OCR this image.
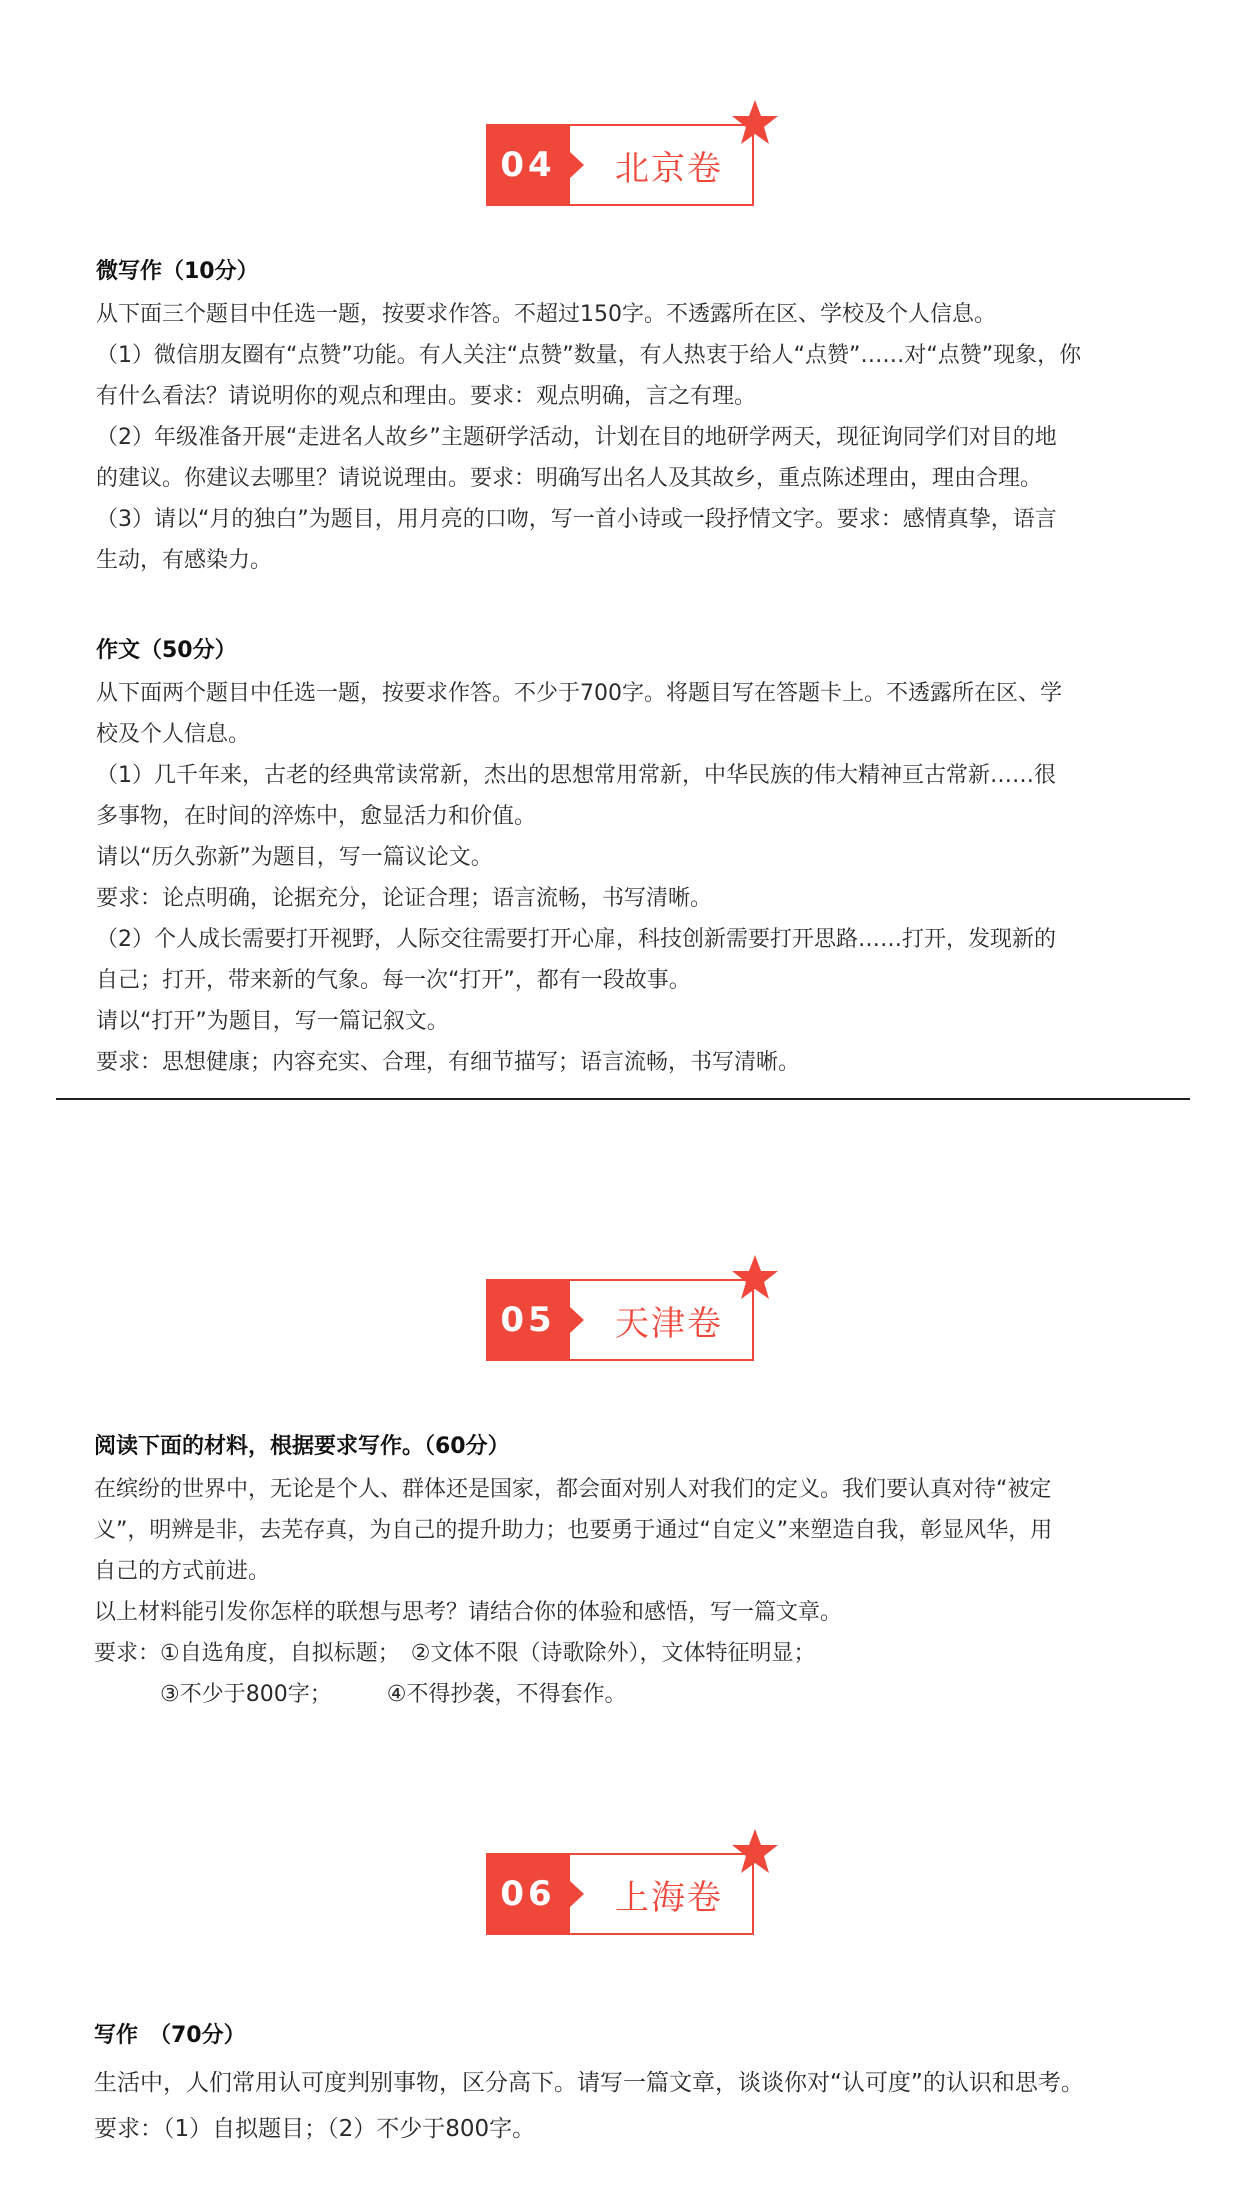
04	北京卷
微写作（10分）
从下面三个题目中任选一题，按要求作答。不超过150字。不透露所在区、学校及个人信息。
（1）微信朋友圈有“点赞”功能。有人关注“点赞”数量，有人热衷于给人“点赞”……对“点赞”现象，你
有什么看法？请说明你的观点和理由。要求：观点明确，言之有理。
（2）年级准备开展“走进名人故乡”主题研学活动，计划在目的地研学两天，现征询同学们对目的地
的建议。你建议去哪里？请说说理由。要求：明确写出名人及其故乡，重点陈述理由，理由合理。
（3）请以“月的独白”为题目，用月亮的口吻，写一首小诗或一段抒情文字。要求：感情真挚，语言
生动，有感染力。
作文（50分）
从下面两个题目中任选一题，按要求作答。不少于700字。将题目写在答题卡上。不透露所在区、学
校及个人信息。
（1）几千年来，古老的经典常读常新，杰出的思想常用常新，中华民族的伟大精神亘古常新……很
多事物，在时间的淬炼中，愈显活力和价值。
请以“历久弥新”为题目，写一篇议论文。
要求：论点明确，论据充分，论证合理；语言流畅，书写清晰。
（2）个人成长需要打开视野，人际交往需要打开心扉，科技创新需要打开思路……打开，发现新的
自己；打开，带来新的气象。每一次“打开”，都有一段故事。
请以“打开”为题目，写一篇记叙文。
要求：思想健康；内容充实、合理，有细节描写；语言流畅，书写清晰。
05	天津卷
阅读下面的材料，根据要求写作。（60分）
在缤纷的世界中，无论是个人、群体还是国家，都会面对别人对我们的定义。我们要认真对待“被定
义”，明辨是非，去芜存真，为自己的提升助力；也要勇于通过“自定义”来塑造自我，彰显风华，用
自己的方式前进。
以上材料能引发你怎样的联想与思考？请结合你的体验和感悟，写一篇文章。
要求：①自选角度，自拟标题；　②文体不限（诗歌除外），文体特征明显；
　　　③不少于800字；　　　④不得抄袭，不得套作。
06	上海卷
写作　（70分）
生活中，人们常用认可度判别事物，区分高下。请写一篇文章，谈谈你对“认可度”的认识和思考。
要求：（1）自拟题目；（2）不少于800字。
